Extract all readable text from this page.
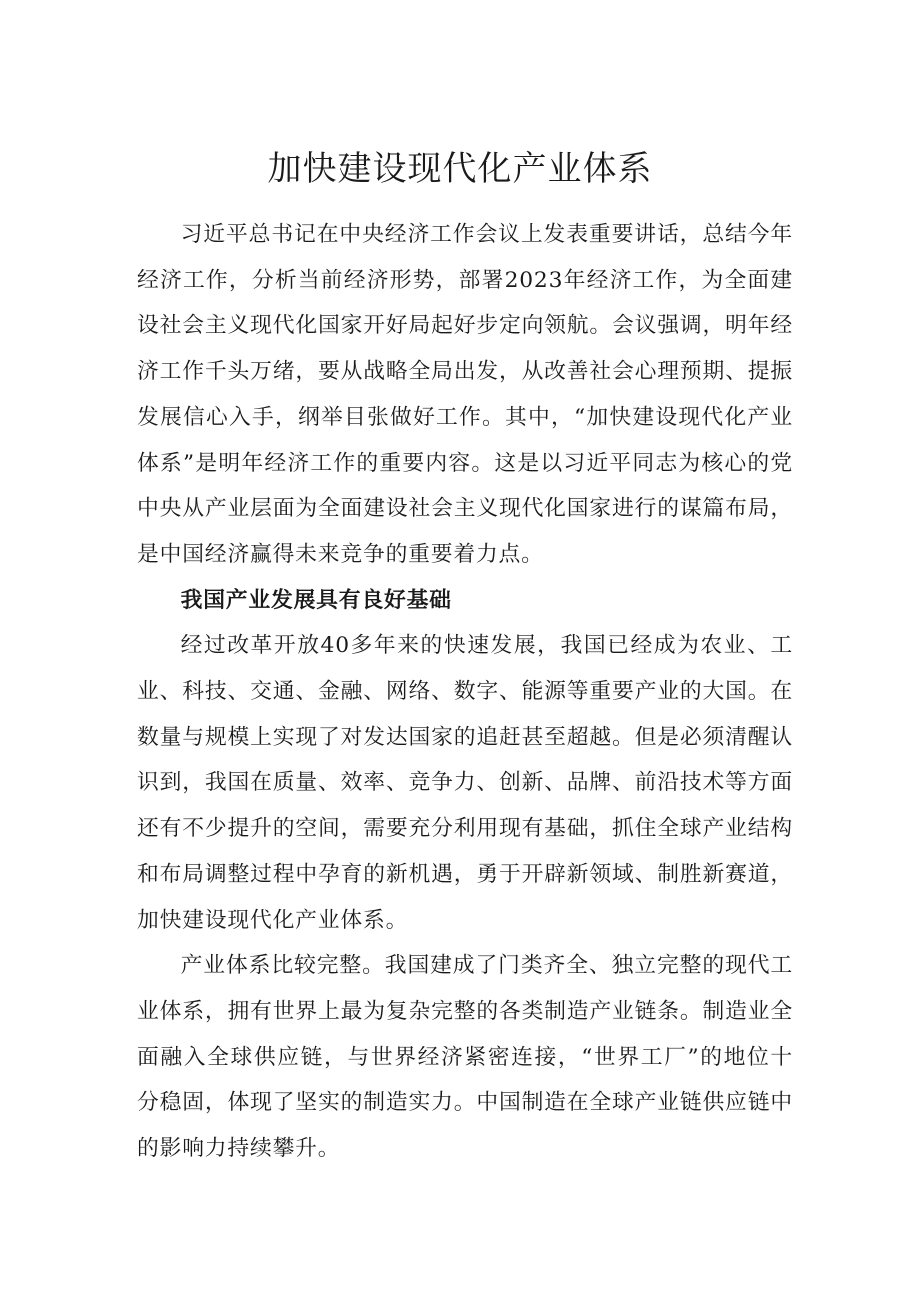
加快建设现代化产业体系

习近平总书记在中央经济工作会议上发表重要讲话，总结今年经济工作，分析当前经济形势，部署2023年经济工作，为全面建设社会主义现代化国家开好局起好步定向领航。会议强调，明年经济工作千头万绪，要从战略全局出发，从改善社会心理预期、提振发展信心入手，纲举目张做好工作。其中，“加快建设现代化产业体系”是明年经济工作的重要内容。这是以习近平同志为核心的党中央从产业层面为全面建设社会主义现代化国家进行的谋篇布局，是中国经济赢得未来竞争的重要着力点。

我国产业发展具有良好基础

经过改革开放40多年来的快速发展，我国已经成为农业、工业、科技、交通、金融、网络、数字、能源等重要产业的大国。在数量与规模上实现了对发达国家的追赶甚至超越。但是必须清醒认识到，我国在质量、效率、竞争力、创新、品牌、前沿技术等方面还有不少提升的空间，需要充分利用现有基础，抓住全球产业结构和布局调整过程中孕育的新机遇，勇于开辟新领域、制胜新赛道，加快建设现代化产业体系。

产业体系比较完整。我国建成了门类齐全、独立完整的现代工业体系，拥有世界上最为复杂完整的各类制造产业链条。制造业全面融入全球供应链，与世界经济紧密连接，“世界工厂”的地位十分稳固，体现了坚实的制造实力。中国制造在全球产业链供应链中的影响力持续攀升。
